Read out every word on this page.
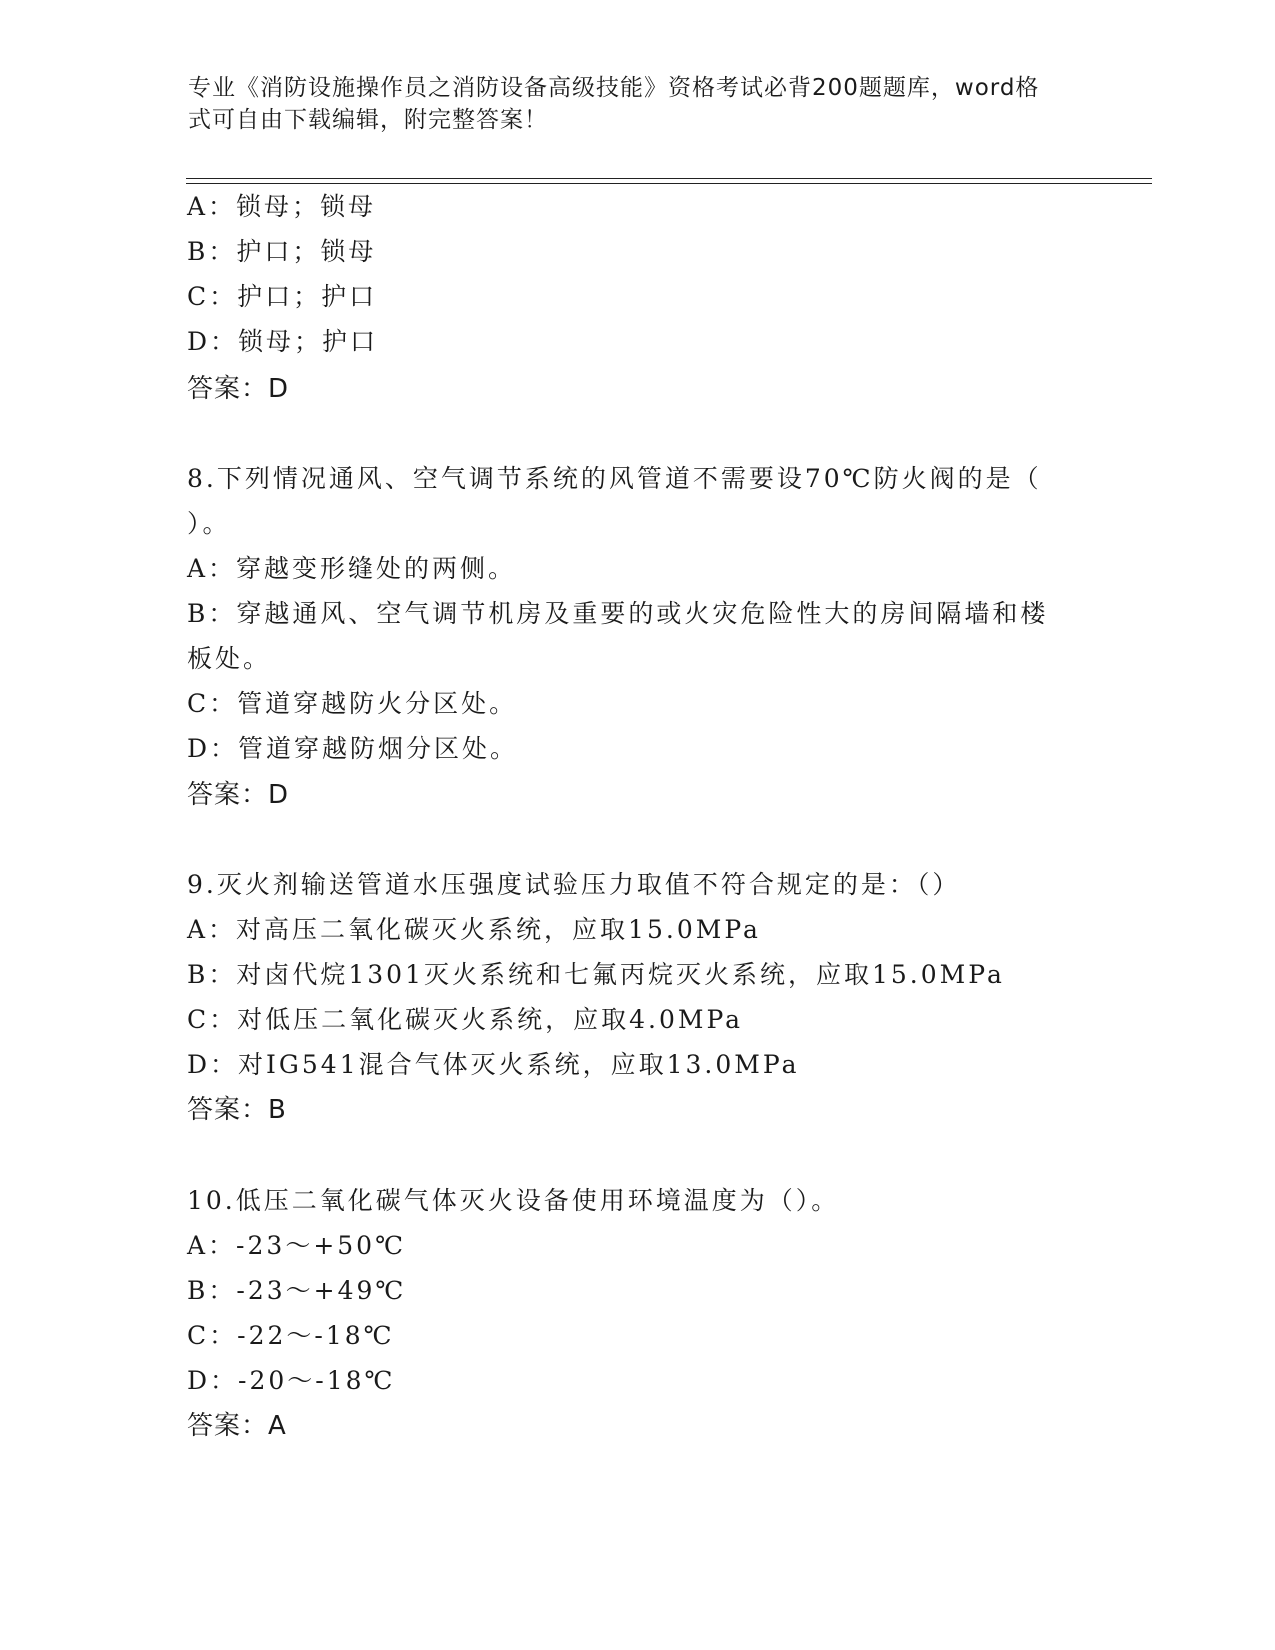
专业《消防设施操作员之消防设备高级技能》资格考试必背200题题库，word格
式可自由下载编辑，附完整答案！
A：锁母；锁母
B：护口；锁母
C：护口；护口
D：锁母；护口
答案：D
8.下列情况通风、空气调节系统的风管道不需要设70℃防火阀的是（
）。
A：穿越变形缝处的两侧。
B：穿越通风、空气调节机房及重要的或火灾危险性大的房间隔墙和楼
板处。
C：管道穿越防火分区处。
D：管道穿越防烟分区处。
答案：D
9.灭火剂输送管道水压强度试验压力取值不符合规定的是：（）
A：对高压二氧化碳灭火系统，应取15.0MPa
B：对卤代烷1301灭火系统和七氟丙烷灭火系统，应取15.0MPa
C：对低压二氧化碳灭火系统，应取4.0MPa
D：对IG541混合气体灭火系统，应取13.0MPa
答案：B
10.低压二氧化碳气体灭火设备使用环境温度为（）。
A：-23～+50℃
B：-23～+49℃
C：-22～-18℃
D：-20～-18℃
答案：A
